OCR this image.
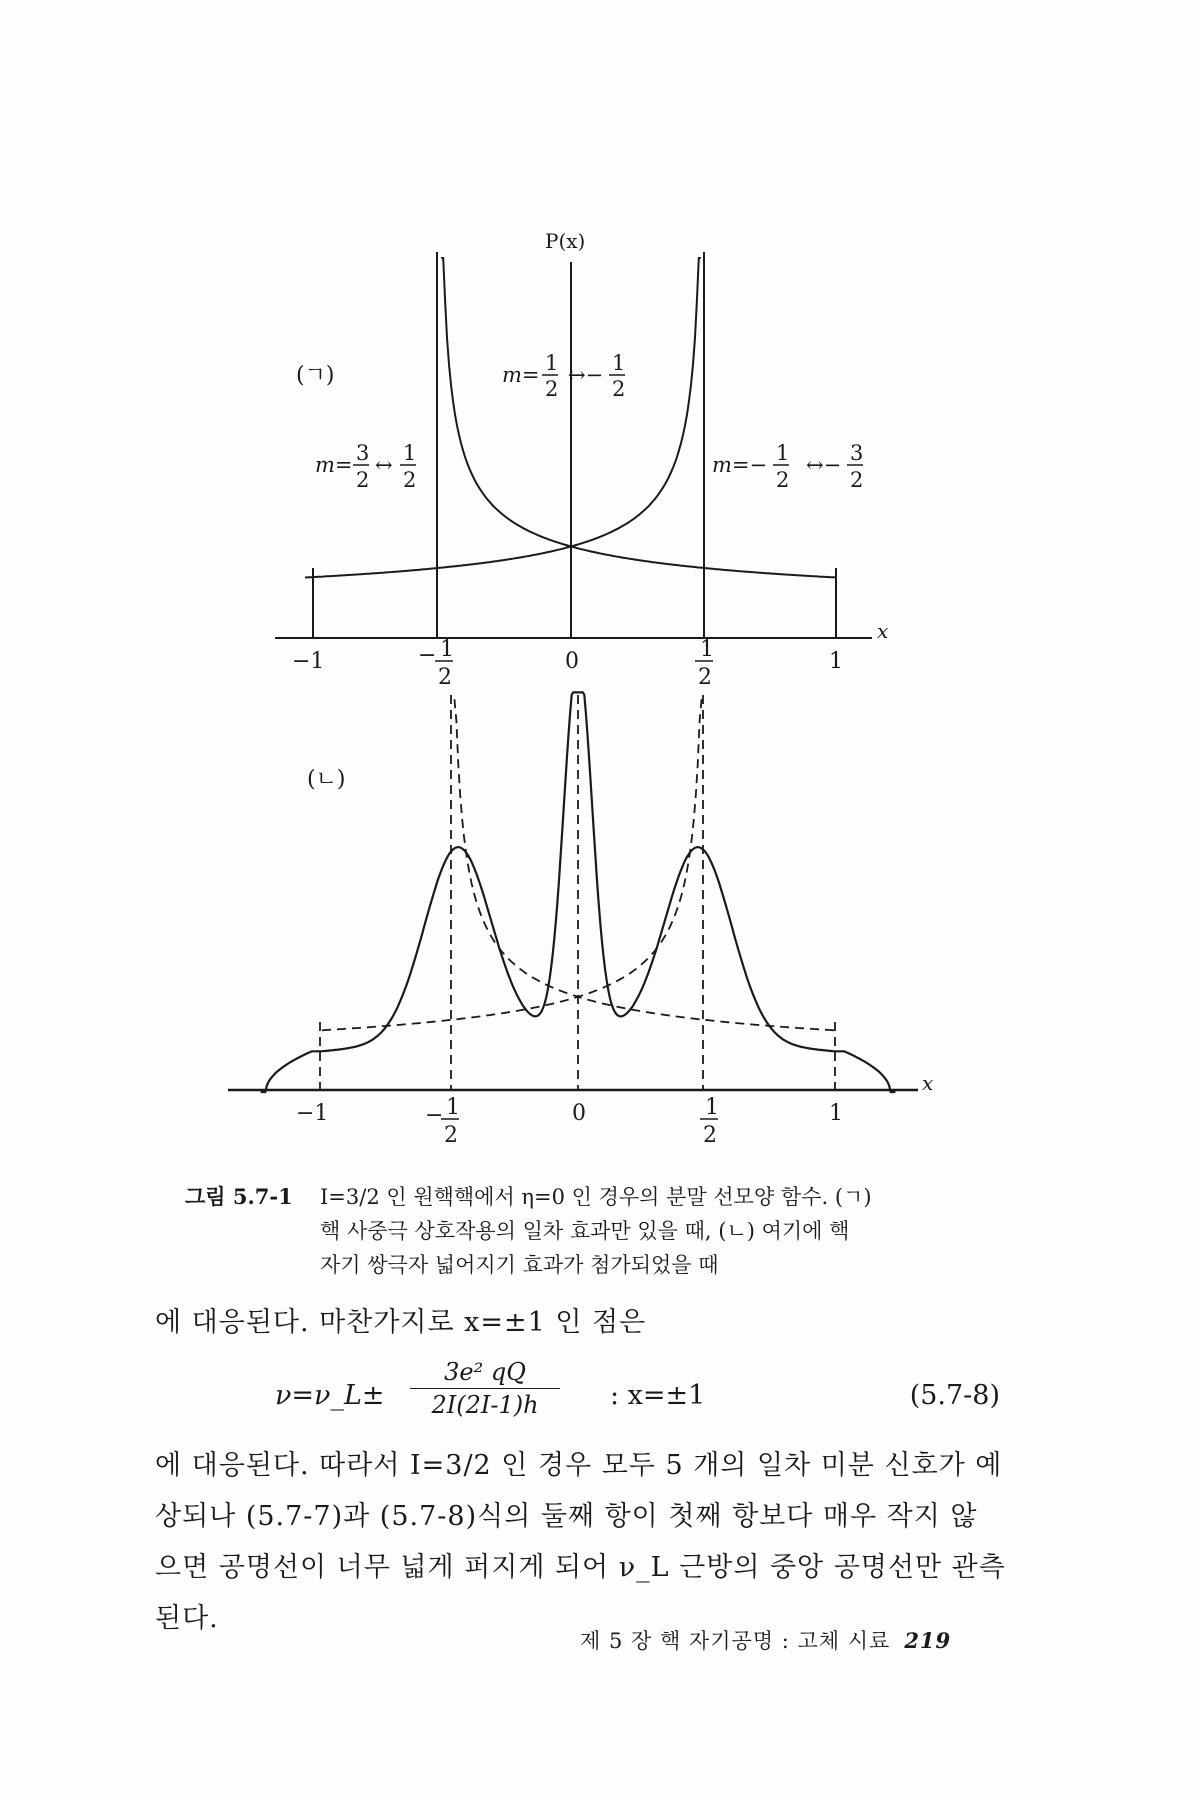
(ㄱ)
P(x)
x
m= 1
2
↔− 1
2
m= 3
2
↔ 1
2
m=− 1
2
↔− 3
2
−1	− 1
2
0	1
2
1
(ㄴ)
x
−1	− 1
2
0	1
2
1
그림 5.7-1 I=3/2 인 원핵핵에서 η=0 인 경우의 분말 선모양 함수. (ㄱ)
핵 사중극 상호작용의 일차 효과만 있을 때, (ㄴ) 여기에 핵
자기 쌍극자 넓어지기 효과가 첨가되었을 때
에 대응된다. 마찬가지로 x=±1 인 점은
ν=ν_L± $\frac{\text{3e² qQ}}{2I(2I-1)h}$ : x=±1	(5.7-8)
에 대응된다. 따라서 I=3/2 인 경우 모두 5 개의 일차 미분 신호가 예
상되나 (5.7-7)과 (5.7-8)식의 둘째 항이 첫째 항보다 매우 작지 않
으면 공명선이 너무 넓게 퍼지게 되어 ν_L 근방의 중앙 공명선만 관측
된다.
제 5 장 핵 자기공명 : 고체 시료 219
